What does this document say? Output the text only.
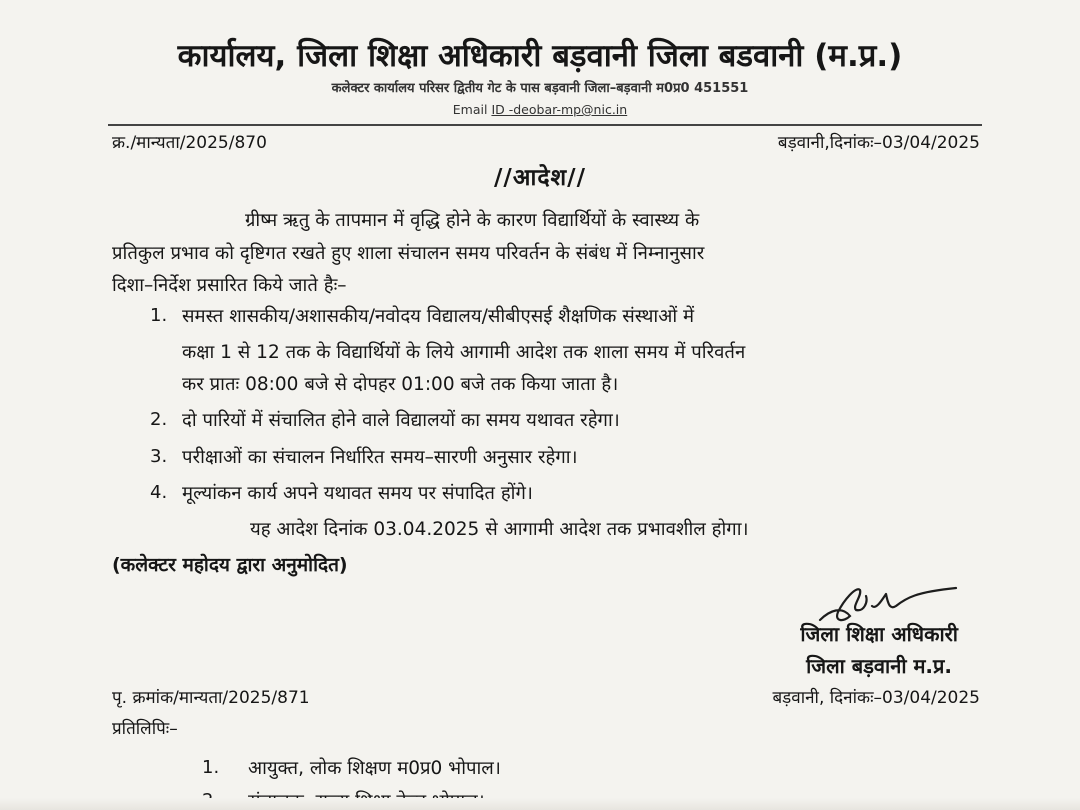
कार्यालय, जिला शिक्षा अधिकारी बड़वानी जिला बडवानी (म.प्र.)
कलेक्टर कार्यालय परिसर द्वितीय गेट के पास बड़वानी जिला–बड़वानी म0प्र0 451551
Email ID -deobar-mp@nic.in
क्र./मान्यता/2025/870	बड़वानी,दिनांकः–03/04/2025
//आदेश//
ग्रीष्म ऋतु के तापमान में वृद्धि होने के कारण विद्यार्थियों के स्वास्थ्य के
प्रतिकुल प्रभाव को दृष्टिगत रखते हुए शाला संचालन समय परिवर्तन के संबंध में निम्नानुसार
दिशा–निर्देश प्रसारित किये जाते हैः–
1. समस्त शासकीय/अशासकीय/नवोदय विद्यालय/सीबीएसई शैक्षणिक संस्थाओं में
कक्षा 1 से 12 तक के विद्यार्थियों के लिये आगामी आदेश तक शाला समय में परिवर्तन
कर प्रातः 08:00 बजे से दोपहर 01:00 बजे तक किया जाता है।
2. दो पारियों में संचालित होने वाले विद्यालयों का समय यथावत रहेगा।
3. परीक्षाओं का संचालन निर्धारित समय–सारणी अनुसार रहेगा।
4. मूल्यांकन कार्य अपने यथावत समय पर संपादित होंगे।
यह आदेश दिनांक 03.04.2025 से आगामी आदेश तक प्रभावशील होगा।
(कलेक्टर महोदय द्वारा अनुमोदित)
जिला शिक्षा अधिकारी
जिला बड़वानी म.प्र.
पृ. क्रमांक/मान्यता/2025/871	बड़वानी, दिनांकः–03/04/2025
प्रतिलिपिः–
1. आयुक्त, लोक शिक्षण म0प्र0 भोपाल।
